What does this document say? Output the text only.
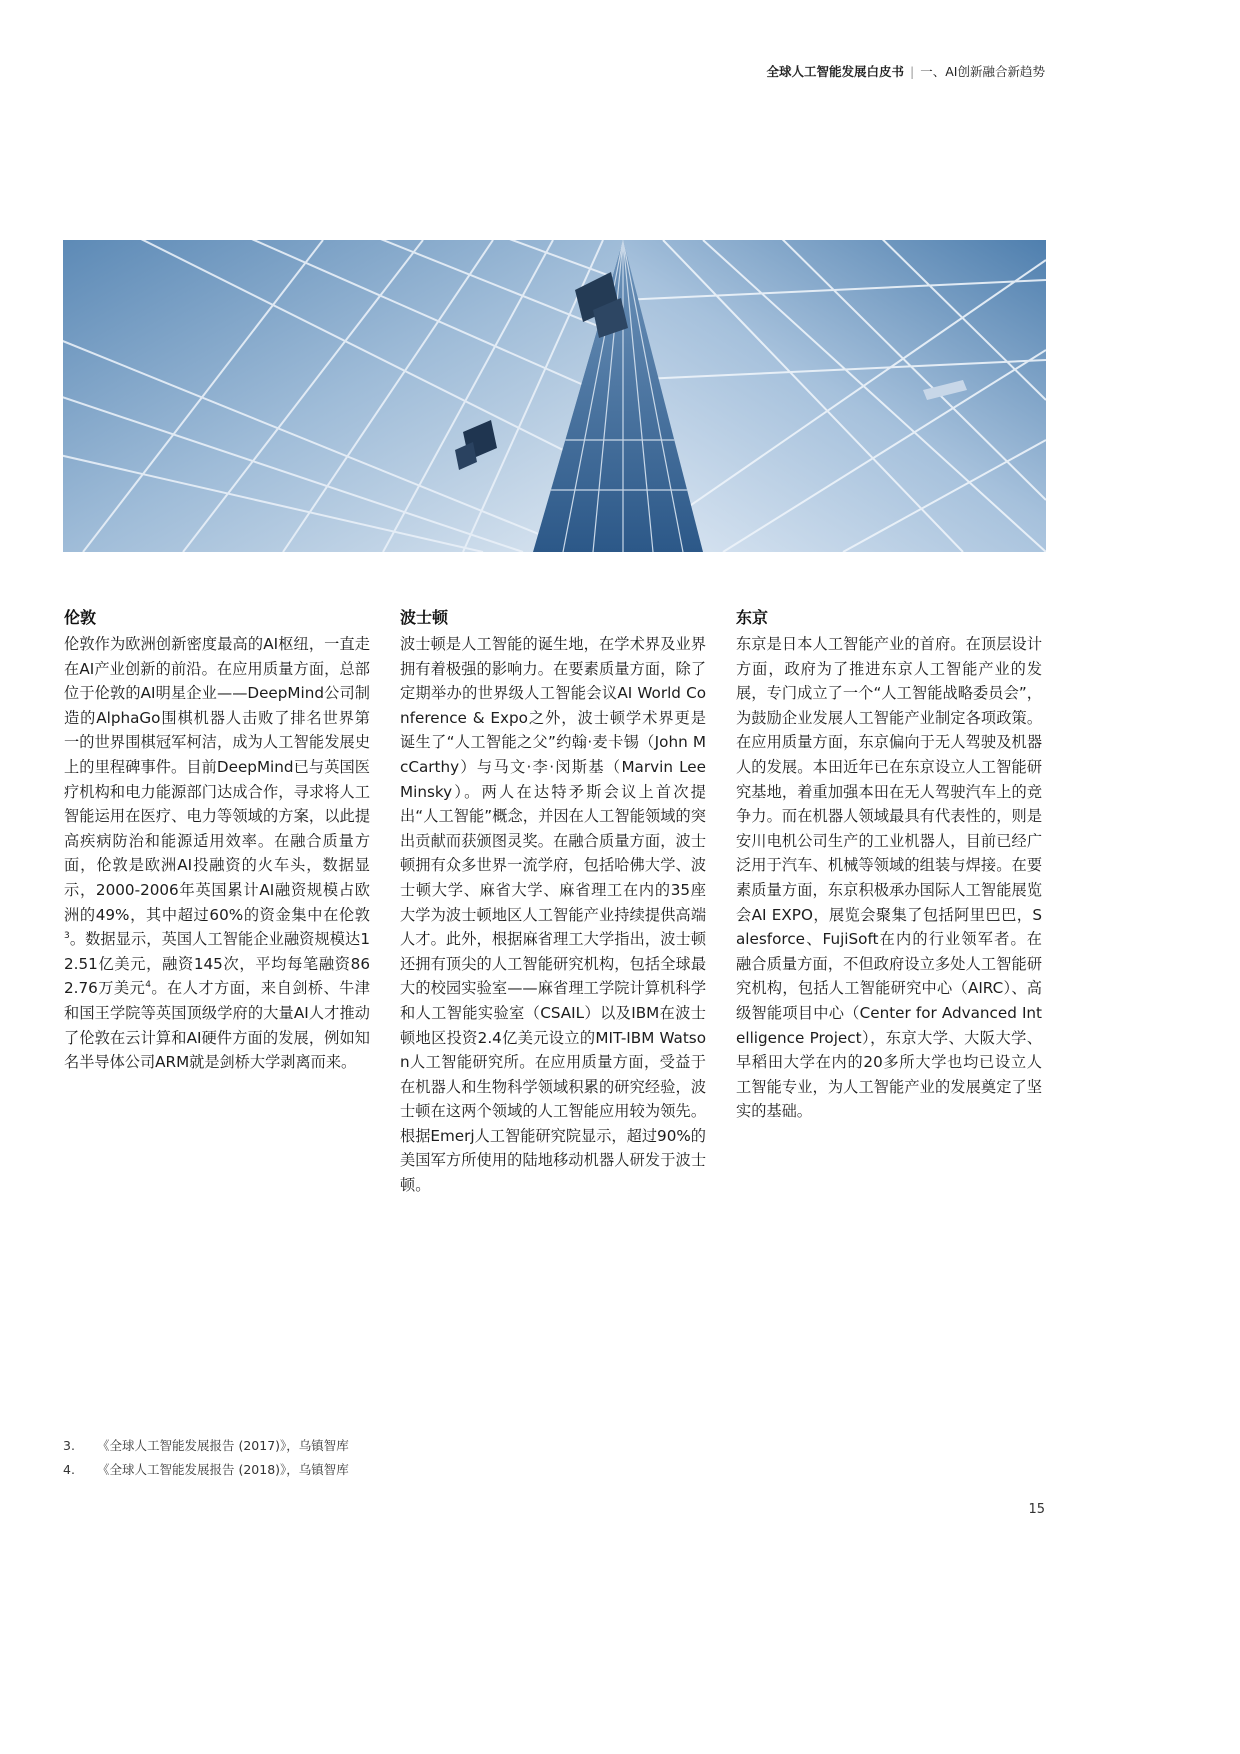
全球人工智能发展白皮书 | 一、AI创新融合新趋势
伦敦

伦敦作为欧洲创新密度最高的AI枢纽，一直走在AI产业创新的前沿。在应用质量方面，总部位于伦敦的AI明星企业——DeepMind公司制造的AlphaGo围棋机器人击败了排名世界第一的世界围棋冠军柯洁，成为人工智能发展史上的里程碑事件。目前DeepMind已与英国医疗机构和电力能源部门达成合作，寻求将人工智能运用在医疗、电力等领域的方案，以此提高疾病防治和能源适用效率。在融合质量方面，伦敦是欧洲AI投融资的火车头，数据显示，2000-2006年英国累计AI融资规模占欧洲的49%，其中超过60%的资金集中在伦敦$^3$。数据显示，英国人工智能企业融资规模达12.51亿美元，融资145次，平均每笔融资862.76万美元$^4$。在人才方面，来自剑桥、牛津和国王学院等英国顶级学府的大量AI人才推动了伦敦在云计算和AI硬件方面的发展，例如知名半导体公司ARM就是剑桥大学剥离而来。

波士顿

波士顿是人工智能的诞生地，在学术界及业界拥有着极强的影响力。在要素质量方面，除了定期举办的世界级人工智能会议AI World Conference & Expo之外，波士顿学术界更是诞生了“人工智能之父”约翰·麦卡锡（John McCarthy）与马文·李·闵斯基（Marvin Lee Minsky）。两人在达特矛斯会议上首次提出“人工智能”概念，并因在人工智能领域的突出贡献而获颁图灵奖。在融合质量方面，波士顿拥有众多世界一流学府，包括哈佛大学、波士顿大学、麻省大学、麻省理工在内的35座大学为波士顿地区人工智能产业持续提供高端人才。此外，根据麻省理工大学指出，波士顿还拥有顶尖的人工智能研究机构，包括全球最大的校园实验室——麻省理工学院计算机科学和人工智能实验室（CSAIL）以及IBM在波士顿地区投资2.4亿美元设立的MIT-IBM Watson人工智能研究所。在应用质量方面，受益于在机器人和生物科学领域积累的研究经验，波士顿在这两个领域的人工智能应用较为领先。根据Emerj人工智能研究院显示，超过90%的美国军方所使用的陆地移动机器人研发于波士顿。

东京

东京是日本人工智能产业的首府。在顶层设计方面，政府为了推进东京人工智能产业的发展，专门成立了一个“人工智能战略委员会”，为鼓励企业发展人工智能产业制定各项政策。在应用质量方面，东京偏向于无人驾驶及机器人的发展。本田近年已在东京设立人工智能研究基地，着重加强本田在无人驾驶汽车上的竞争力。而在机器人领域最具有代表性的，则是安川电机公司生产的工业机器人，目前已经广泛用于汽车、机械等领域的组装与焊接。在要素质量方面，东京积极承办国际人工智能展览会AI EXPO，展览会聚集了包括阿里巴巴，Salesforce、FujiSoft在内的行业领军者。在融合质量方面，不但政府设立多处人工智能研究机构，包括人工智能研究中心（AIRC）、高级智能项目中心（Center for Advanced Intelligence Project），东京大学、大阪大学、早稻田大学在内的20多所大学也均已设立人工智能专业，为人工智能产业的发展奠定了坚实的基础。

3. 《全球人工智能发展报告 (2017)》，乌镇智库
4. 《全球人工智能发展报告 (2018)》，乌镇智库
15
